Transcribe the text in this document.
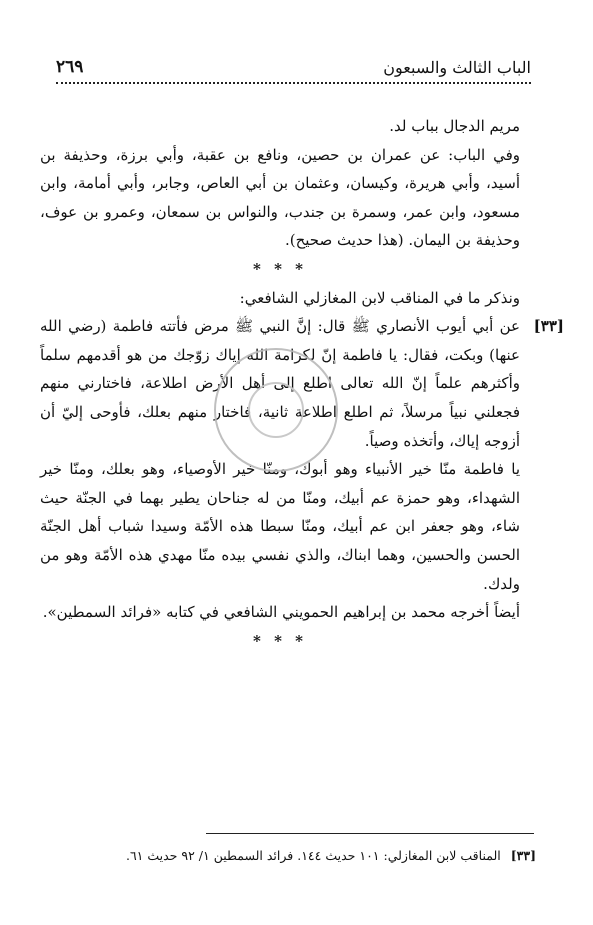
٢٦٩	الباب الثالث والسبعون

مريم الدجال بباب لد.

وفي الباب: عن عمران بن حصين، ونافع بن عقبة، وأبي برزة، وحذيفة بن أسيد، وأبي هريرة، وكيسان، وعثمان بن أبي العاص، وجابر، وأبي أمامة، وابن مسعود، وابن عمر، وسمرة بن جندب، والنواس بن سمعان، وعمرو بن عوف، وحذيفة بن اليمان. (هذا حديث صحيح).

* * *

ونذكر ما في المناقب لابن المغازلي الشافعي:

[٣٣]

عن أبي أيوب الأنصاري ﷺ قال: إنَّ النبي ﷺ مرض فأتته فاطمة (رضي الله عنها) وبكت، فقال: يا فاطمة إنّ لكرامة الله إياك زوّجك من هو أقدمهم سلماً وأكثرهم علماً إنّ الله تعالى اطلع إلى أهل الأرض اطلاعة، فاختارني منهم فجعلني نبياً مرسلاً، ثم اطلع اطلاعة ثانية، فاختار منهم بعلك، فأوحى إليّ أن أزوجه إياك، وأتخذه وصياً.

يا فاطمة منّا خير الأنبياء وهو أبوك، ومنّا خير الأوصياء، وهو بعلك، ومنّا خير الشهداء، وهو حمزة عم أبيك، ومنّا من له جناحان يطير بهما في الجنّة حيث شاء، وهو جعفر ابن عم أبيك، ومنّا سبطا هذه الأمّة وسيدا شباب أهل الجنّة الحسن والحسين، وهما ابناك، والذي نفسي بيده منّا مهدي هذه الأمّة وهو من ولدك.

أيضاً أخرجه محمد بن إبراهيم الحمويني الشافعي في كتابه «فرائد السمطين».

* * *

[٣٣] المناقب لابن المغازلي: ١٠١ حديث ١٤٤. فرائد السمطين ١/ ٩٢ حديث ٦١.
